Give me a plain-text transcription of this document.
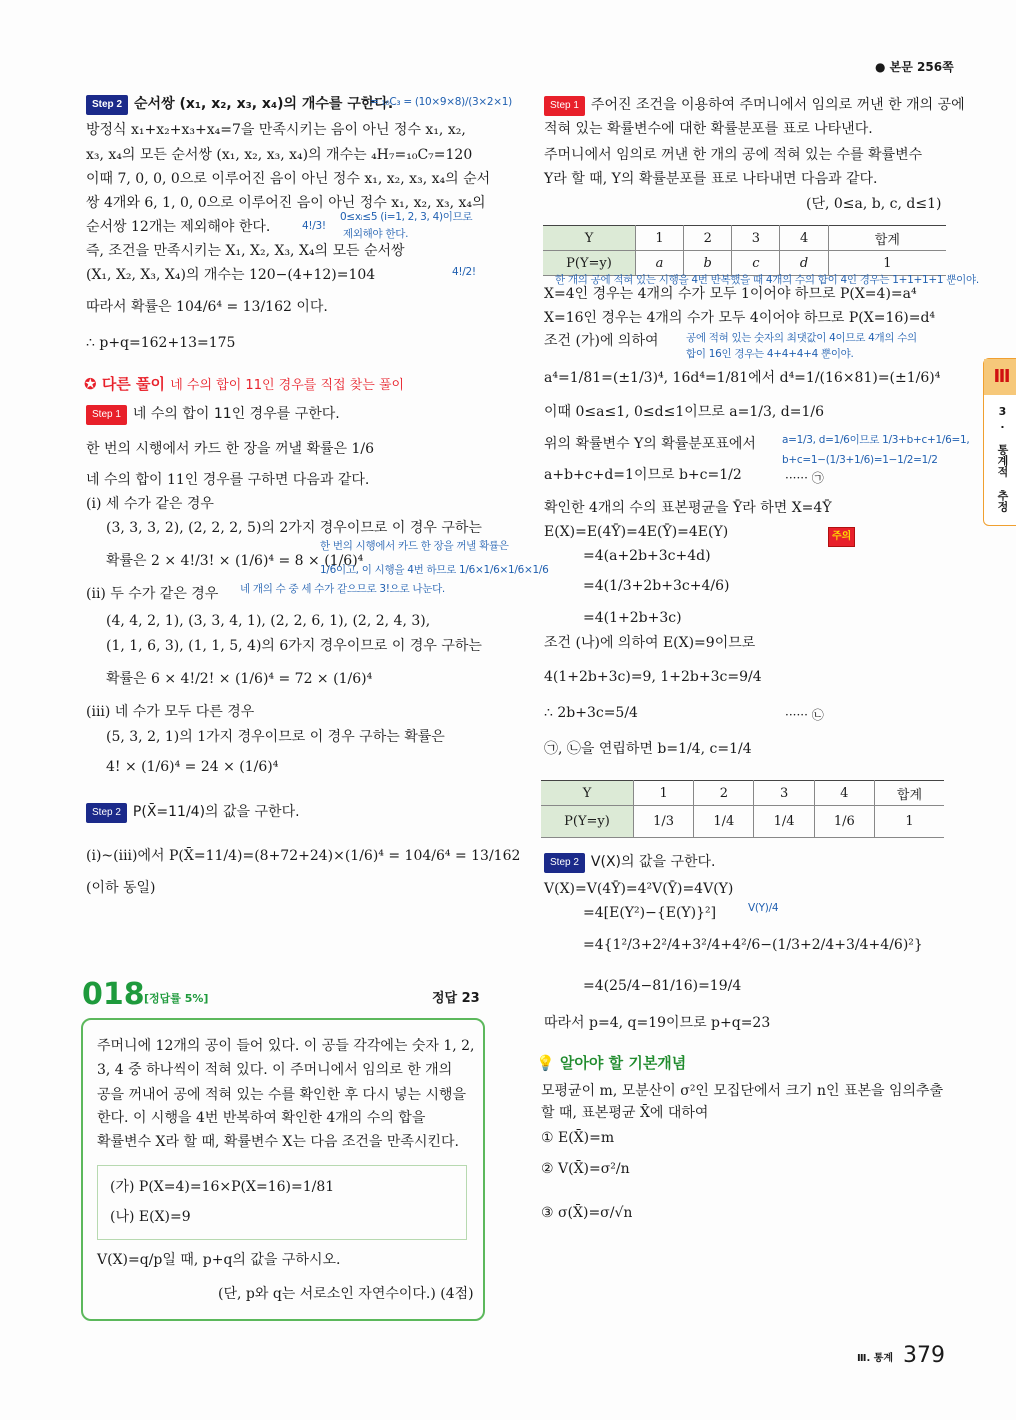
● 본문 256쪽
Step 2 순서쌍 (x₁, x₂, x₃, x₄)의 개수를 구한다.
= ₁₀C₃ = (10×9×8)/(3×2×1)
방정식 x₁+x₂+x₃+x₄=7을 만족시키는 음이 아닌 정수 x₁, x₂,
x₃, x₄의 모든 순서쌍 (x₁, x₂, x₃, x₄)의 개수는 ₄H₇=₁₀C₇=120
이때 7, 0, 0, 0으로 이루어진 음이 아닌 정수 x₁, x₂, x₃, x₄의 순서
쌍 4개와 6, 1, 0, 0으로 이루어진 음이 아닌 정수 x₁, x₂, x₃, x₄의
순서쌍 12개는 제외해야 한다.	4!/3!
0≤xᵢ≤5 (i=1, 2, 3, 4)이므로
제외해야 한다.
즉, 조건을 만족시키는 X₁, X₂, X₃, X₄의 모든 순서쌍
(X₁, X₂, X₃, X₄)의 개수는 120−(4+12)=104	4!/2!
따라서 확률은 104/6⁴ = 13/162 이다.
∴ p+q=162+13=175
✪ 다른 풀이 네 수의 합이 11인 경우를 직접 찾는 풀이
Step 1 네 수의 합이 11인 경우를 구한다.
한 번의 시행에서 카드 한 장을 꺼낼 확률은 1/6
네 수의 합이 11인 경우를 구하면 다음과 같다.
(i) 세 수가 같은 경우
(3, 3, 3, 2), (2, 2, 2, 5)의 2가지 경우이므로 이 경우 구하는
확률은 2 × 4!/3! × (1/6)⁴ = 8 × (1/6)⁴
한 번의 시행에서 카드 한 장을 꺼낼 확률은
1/6이고, 이 시행을 4번 하므로 1/6×1/6×1/6×1/6
네 개의 수 중 세 수가 같으므로 3!으로 나눈다.
(ii) 두 수가 같은 경우
(4, 4, 2, 1), (3, 3, 4, 1), (2, 2, 6, 1), (2, 2, 4, 3),
(1, 1, 6, 3), (1, 1, 5, 4)의 6가지 경우이므로 이 경우 구하는
확률은 6 × 4!/2! × (1/6)⁴ = 72 × (1/6)⁴
(iii) 네 수가 모두 다른 경우
(5, 3, 2, 1)의 1가지 경우이므로 이 경우 구하는 확률은
4! × (1/6)⁴ = 24 × (1/6)⁴
Step 2 P(X̄=11/4)의 값을 구한다.
(i)~(iii)에서 P(X̄=11/4)=(8+72+24)×(1/6)⁴ = 104/6⁴ = 13/162
(이하 동일)
018 [정답률 5%]	정답 23
주머니에 12개의 공이 들어 있다. 이 공들 각각에는 숫자 1, 2,
3, 4 중 하나씩이 적혀 있다. 이 주머니에서 임의로 한 개의
공을 꺼내어 공에 적혀 있는 수를 확인한 후 다시 넣는 시행을
한다. 이 시행을 4번 반복하여 확인한 4개의 수의 합을
확률변수 X라 할 때, 확률변수 X는 다음 조건을 만족시킨다.
(가) P(X=4)=16×P(X=16)=1/81
(나) E(X)=9
V(X)=q/p일 때, p+q의 값을 구하시오.
(단, p와 q는 서로소인 자연수이다.) (4점)
Step 1 주어진 조건을 이용하여 주머니에서 임의로 꺼낸 한 개의 공에
적혀 있는 확률변수에 대한 확률분포를 표로 나타낸다.
주머니에서 임의로 꺼낸 한 개의 공에 적혀 있는 수를 확률변수
Y라 할 때, Y의 확률분포를 표로 나타내면 다음과 같다.
(단, 0≤a, b, c, d≤1)
Y	1	2	3	4	합계
P(Y=y)	a	b	c	d	1
한 개의 공에 적혀 있는 시행을 4번 반복했을 때 4개의 수의 합이 4인 경우는 1+1+1+1 뿐이야.
X=4인 경우는 4개의 수가 모두 1이어야 하므로 P(X=4)=a⁴
X=16인 경우는 4개의 수가 모두 4이어야 하므로 P(X=16)=d⁴
조건 (가)에 의하여	공에 적혀 있는 숫자의 최댓값이 4이므로 4개의 수의
합이 16인 경우는 4+4+4+4 뿐이야.
a⁴=1/81=(±1/3)⁴, 16d⁴=1/81에서 d⁴=1/(16×81)=(±1/6)⁴
이때 0≤a≤1, 0≤d≤1이므로 a=1/3, d=1/6
위의 확률변수 Y의 확률분포표에서 a=1/3, d=1/6이므로 1/3+b+c+1/6=1,
b+c=1−(1/3+1/6)=1−1/2=1/2
······ ㉠
a+b+c+d=1이므로 b+c=1/2
확인한 4개의 수의 표본평균을 Ȳ라 하면 X=4Ȳ
주의
E(X)=E(4Ȳ)=4E(Ȳ)=4E(Y)
=4(a+2b+3c+4d)
=4(1/3+2b+3c+4/6)
=4(1+2b+3c)
조건 (나)에 의하여 E(X)=9이므로
4(1+2b+3c)=9, 1+2b+3c=9/4
∴ 2b+3c=5/4	······ ㉡
㉠, ㉡을 연립하면 b=1/4, c=1/4
Y	1	2	3	4	합계
P(Y=y)	1/3	1/4	1/4	1/6	1
Step 2 V(X)의 값을 구한다.
V(X)=V(4Ȳ)=4²V(Ȳ)=4V(Y)
V(Y)/4
=4[E(Y²)−{E(Y)}²]
=4{1²/3+2²/4+3²/4+4²/6−(1/3+2/4+3/4+4/6)²}
=4(25/4−81/16)=19/4
따라서 p=4, q=19이므로 p+q=23
💡 알아야 할 기본개념
모평균이 m, 모분산이 σ²인 모집단에서 크기 n인 표본을 임의추출
할 때, 표본평균 X̄에 대하여
① E(X̄)=m
② V(X̄)=σ²/n
③ σ(X̄)=σ/√n
Ⅲ
3. 통계적 추정
Ⅲ. 통계 379
